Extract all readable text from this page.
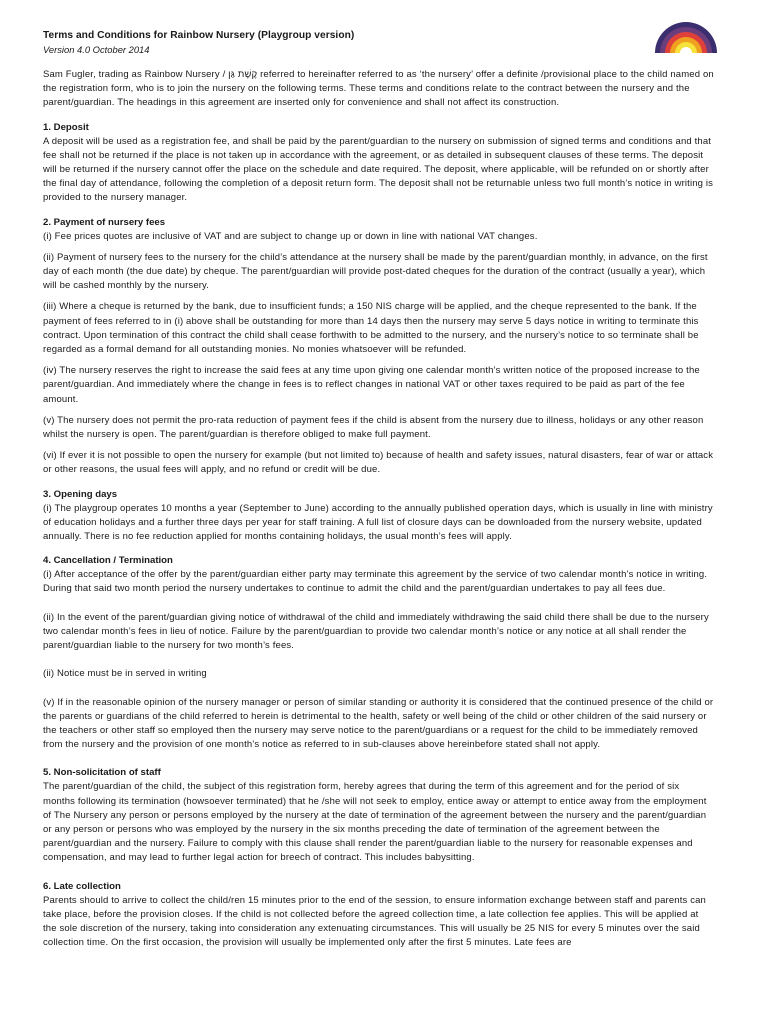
Terms and Conditions for Rainbow Nursery (Playgroup version)
Version 4.0 October 2014

Sam Fugler, trading as Rainbow Nursery / קֶשֶׁת גַּן referred to hereinafter referred to as ‘the nursery’ offer a definite /provisional place to the child named on the registration form, who is to join the nursery on the following terms. These terms and conditions relate to the contract between the nursery and the parent/guardian. The headings in this agreement are inserted only for convenience and shall not affect its construction.

1. Deposit

A deposit will be used as a registration fee, and shall be paid by the parent/guardian to the nursery on submission of signed terms and conditions and that fee shall not be returned if the place is not taken up in accordance with the agreement, or as detailed in subsequent clauses of these terms. The deposit will be returned if the nursery cannot offer the place on the schedule and date required. The deposit, where applicable, will be refunded on or shortly after the final day of attendance, following the completion of a deposit return form. The deposit shall not be returnable unless two full month’s notice in writing is provided to the nursery manager.

2. Payment of nursery fees

(i) Fee prices quotes are inclusive of VAT and are subject to change up or down in line with national VAT changes.

(ii) Payment of nursery fees to the nursery for the child’s attendance at the nursery shall be made by the parent/guardian monthly, in advance, on the first day of each month (the due date) by cheque. The parent/guardian will provide post-dated cheques for the duration of the contract (usually a year), which will be cashed monthly by the nursery.

(iii) Where a cheque is returned by the bank, due to insufficient funds; a 150 NIS charge will be applied, and the cheque represented to the bank. If the payment of fees referred to in (i) above shall be outstanding for more than 14 days then the nursery may serve 5 days notice in writing to terminate this contract. Upon termination of this contract the child shall cease forthwith to be admitted to the nursery, and the nursery’s notice to so terminate shall be regarded as a formal demand for all outstanding monies. No monies whatsoever will be refunded.

(iv) The nursery reserves the right to increase the said fees at any time upon giving one calendar month’s written notice of the proposed increase to the parent/guardian. And immediately where the change in fees is to reflect changes in national VAT or other taxes required to be paid as part of the fee amount.

(v) The nursery does not permit the pro-rata reduction of payment fees if the child is absent from the nursery due to illness, holidays or any other reason whilst the nursery is open. The parent/guardian is therefore obliged to make full payment.

(vi) If ever it is not possible to open the nursery for example (but not limited to) because of health and safety issues, natural disasters, fear of war or attack or other reasons, the usual fees will apply, and no refund or credit will be due.

3. Opening days

(i) The playgroup operates 10 months a year (September to June) according to the annually published operation days, which is usually in line with ministry of education holidays and a further three days per year for staff training. A full list of closure days can be downloaded from the nursery website, updated annually. There is no fee reduction applied for months containing holidays, the usual month’s fees will apply.

4. Cancellation / Termination

(i) After acceptance of the offer by the parent/guardian either party may terminate this agreement by the service of two calendar month’s notice in writing. During that said two month period the nursery undertakes to continue to admit the child and the parent/guardian undertakes to pay all fees due.

(ii) In the event of the parent/guardian giving notice of withdrawal of the child and immediately withdrawing the said child there shall be due to the nursery two calendar month’s fees in lieu of notice. Failure by the parent/guardian to provide two calendar month’s notice or any notice at all shall render the parent/guardian liable to the nursery for two month’s fees.

(ii) Notice must be in served in writing

(v) If in the reasonable opinion of the nursery manager or person of similar standing or authority it is considered that the continued presence of the child or the parents or guardians of the child referred to herein is detrimental to the health, safety or well being of the child or other children of the said nursery or the teachers or other staff so employed then the nursery may serve notice to the parent/guardians or a request for the child to be immediately removed from the nursery and the provision of one month’s notice as referred to in sub-clauses above hereinbefore stated shall not apply.

5. Non-solicitation of staff

The parent/guardian of the child, the subject of this registration form, hereby agrees that during the term of this agreement and for the period of six months following its termination (howsoever terminated) that he /she will not seek to employ, entice away or attempt to entice away from the employment of The Nursery any person or persons employed by the nursery at the date of termination of the agreement between the nursery and the parent/guardian or any person or persons who was employed by the nursery in the six months preceding the date of termination of the agreement between the parent/guardian and the nursery. Failure to comply with this clause shall render the parent/guardian liable to the nursery for reasonable expenses and compensation, and may lead to further legal action for breech of contract. This includes babysitting.

6. Late collection

Parents should to arrive to collect the child/ren 15 minutes prior to the end of the session, to ensure information exchange between staff and parents can take place, before the provision closes. If the child is not collected before the agreed collection time, a late collection fee applies. This will be applied at the sole discretion of the nursery, taking into consideration any extenuating circumstances. This will usually be 25 NIS for every 5 minutes over the said collection time. On the first occasion, the provision will usually be implemented only after the first 5 minutes. Late fees are
